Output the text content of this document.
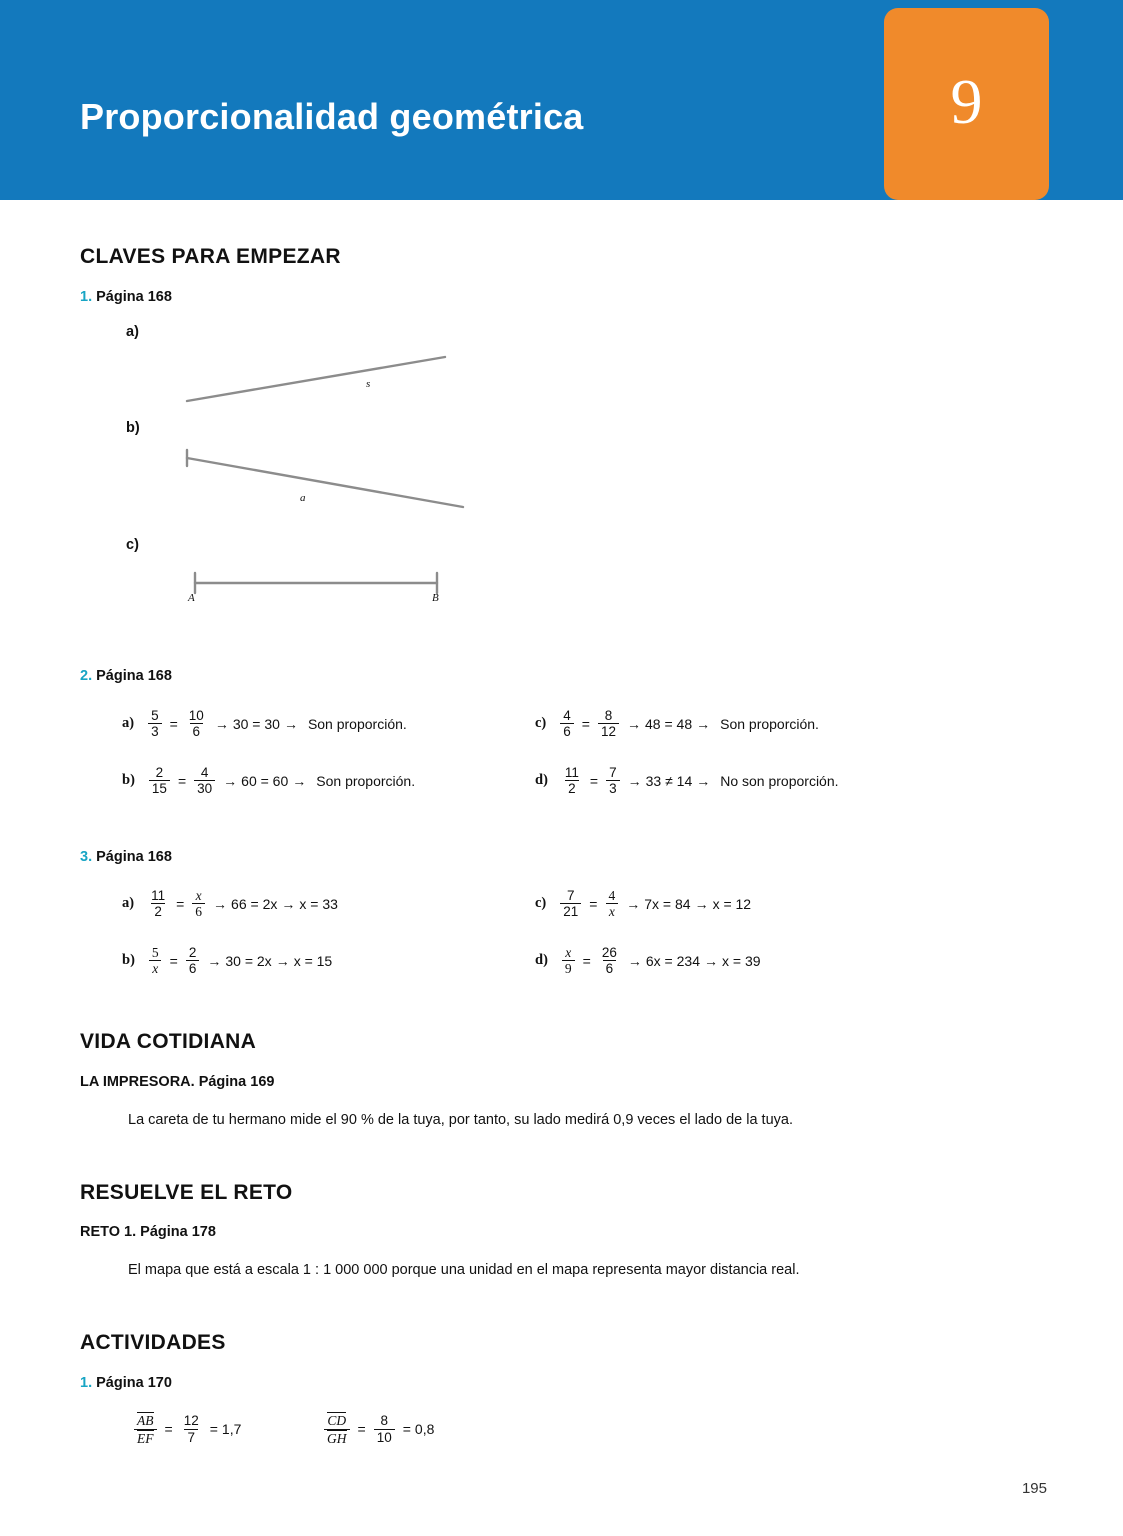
Proporcionalidad geométrica	9
CLAVES PARA EMPEZAR
1. Página 168
a)
s
b)
a
c)
A	B
2. Página 168
$a) \frac{5}{3} = \frac{10}{6} \to 30 = 30$ → Son proporción.
$b) \frac{2}{15} = \frac{4}{30} \to 60 = 60$ → Son proporción.
$c) \frac{4}{6} = \frac{8}{12} \to 48 = 48$ → Son proporción.
$d) \frac{11}{2} = \frac{7}{3} \to 33 \ne 14 \to No$ son proporción.
3. Página 168
$a) \frac{11}{2} = \frac{x}{6} \to 66 = 2x \to x = 33$
$b) \frac{5}{x} = \frac{2}{6} \to 30 = 2x \to x = 15$
$c) \frac{7}{21} = \frac{4}{x} \to 7x = 84 \to x = 12$
$d) \frac{x}{9} = \frac{26}{6} \to 6x = 234 \to x = 39$
VIDA COTIDIANA
LA IMPRESORA. Página 169
La careta de tu hermano mide el 90 % de la tuya, por tanto, su lado medirá 0,9 veces el lado de la tuya.
RESUELVE EL RETO
RETO 1. Página 178
El mapa que está a escala 1 : 1 000 000 porque una unidad en el mapa representa mayor distancia real.
ACTIVIDADES
1. Página 170
$\frac{AB}{EF} = \frac{12}{7} = 1,7$	$\frac{CD}{GH} = \frac{8}{10} = 0,8$
195
